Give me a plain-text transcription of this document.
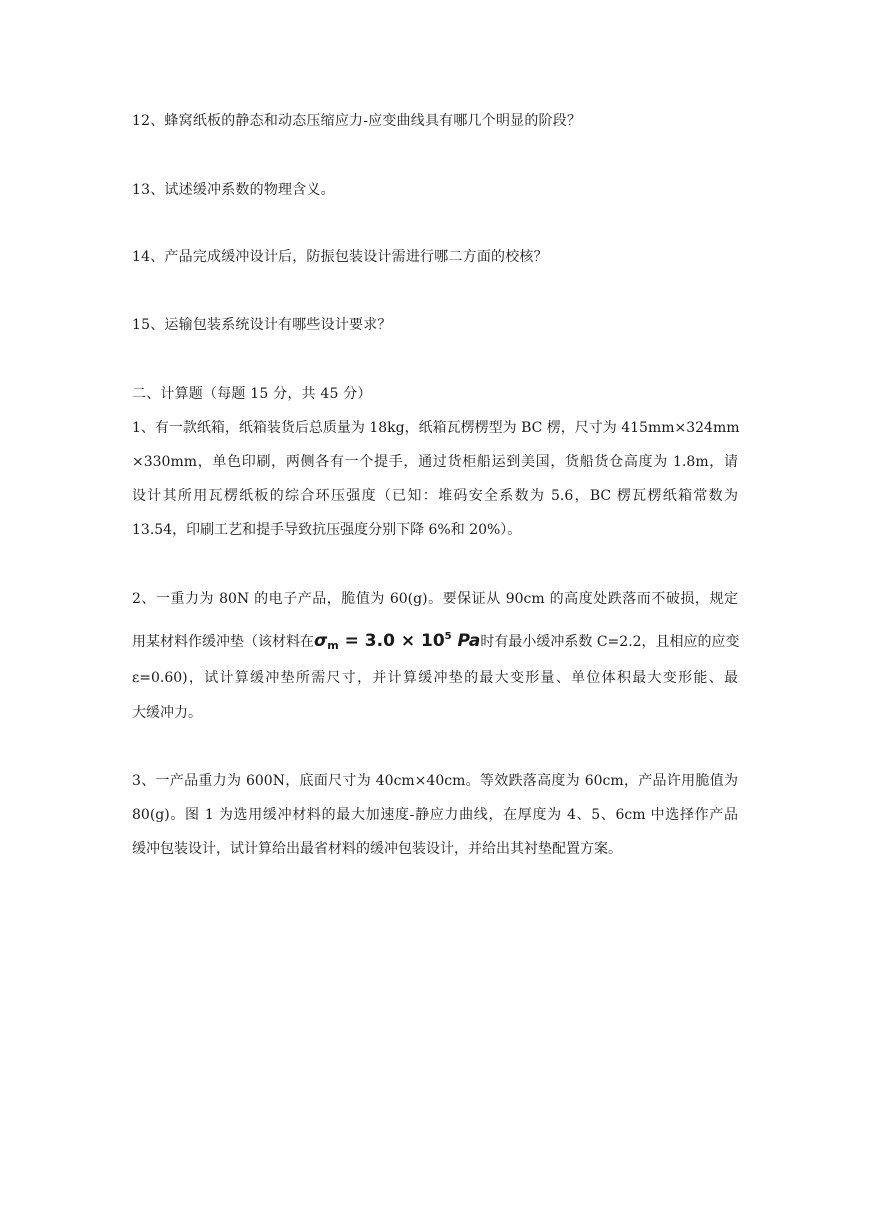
12、蜂窝纸板的静态和动态压缩应力-应变曲线具有哪几个明显的阶段？
13、试述缓冲系数的物理含义。
14、产品完成缓冲设计后，防振包装设计需进行哪二方面的校核？
15、运输包装系统设计有哪些设计要求？
二、计算题（每题 15 分，共 45 分）
1、有一款纸箱，纸箱装货后总质量为 18kg，纸箱瓦楞楞型为 BC 楞，尺寸为 415mm×324mm
×330mm，单色印刷，两侧各有一个提手，通过货柜船运到美国，货船货仓高度为 1.8m，请
设计其所用瓦楞纸板的综合环压强度（已知：堆码安全系数为 5.6，BC 楞瓦楞纸箱常数为
13.54，印刷工艺和提手导致抗压强度分别下降 6%和 20%）。
2、一重力为 80N 的电子产品，脆值为 60(g)。要保证从 90cm 的高度处跌落而不破损，规定
用某材料作缓冲垫（该材料在$\sigma_m = 3.0 \times 10^5$ Pa时有最小缓冲系数 C=2.2，且相应的应变
ε=0.60)，试计算缓冲垫所需尺寸，并计算缓冲垫的最大变形量、单位体积最大变形能、最
大缓冲力。
3、一产品重力为 600N，底面尺寸为 40cm×40cm。等效跌落高度为 60cm，产品许用脆值为
80(g)。图 1 为选用缓冲材料的最大加速度-静应力曲线，在厚度为 4、5、6cm 中选择作产品
缓冲包装设计，试计算给出最省材料的缓冲包装设计，并给出其衬垫配置方案。
